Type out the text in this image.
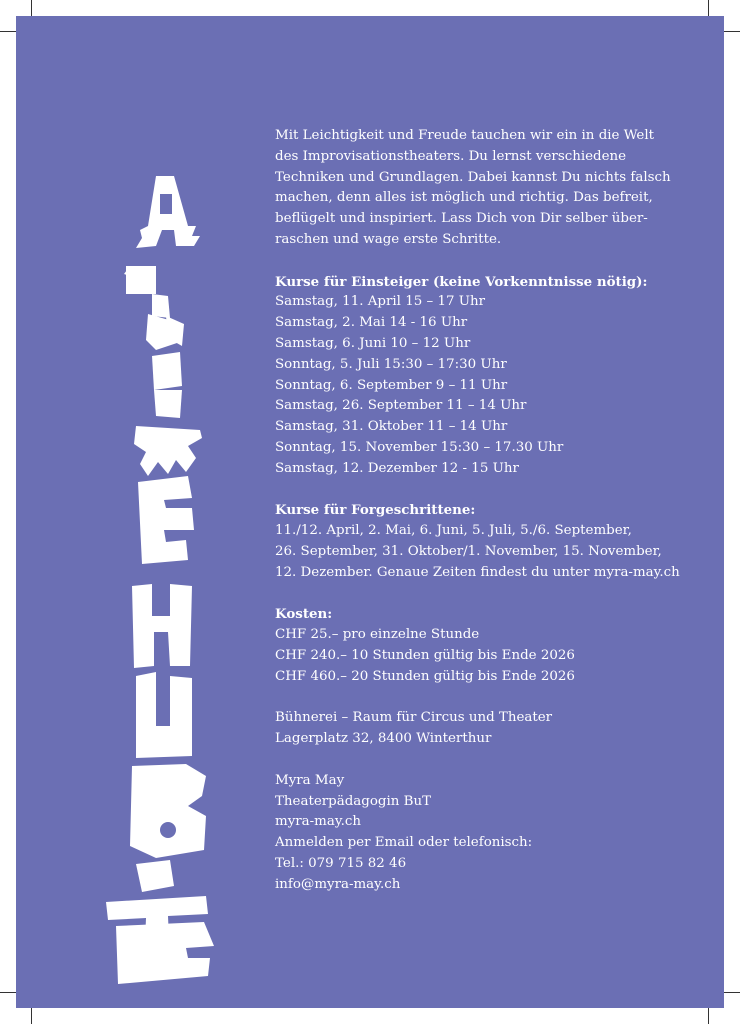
Mit Leichtigkeit und Freude tauchen wir ein in die Welt
des Improvisationstheaters. Du lernst verschiedene
Techniken und Grundlagen. Dabei kannst Du nichts falsch
machen, denn alles ist möglich und richtig. Das befreit,
beflügelt und inspiriert. Lass Dich von Dir selber über-
raschen und wage erste Schritte.
Kurse für Einsteiger (keine Vorkenntnisse nötig):
Samstag, 11. April 15 – 17 Uhr
Samstag, 2. Mai 14 - 16 Uhr
Samstag, 6. Juni 10 – 12 Uhr
Sonntag, 5. Juli 15:30 – 17:30 Uhr
Sonntag, 6. September 9 – 11 Uhr
Samstag, 26. September 11 – 14 Uhr
Samstag, 31. Oktober 11 – 14 Uhr
Sonntag, 15. November 15:30 – 17.30 Uhr
Samstag, 12. Dezember 12 - 15 Uhr
Kurse für Forgeschrittene:
11./12. April, 2. Mai, 6. Juni, 5. Juli, 5./6. September,
26. September, 31. Oktober/1. November, 15. November,
12. Dezember. Genaue Zeiten findest du unter myra-may.ch
Kosten:
CHF 25.– pro einzelne Stunde
CHF 240.– 10 Stunden gültig bis Ende 2026
CHF 460.– 20 Stunden gültig bis Ende 2026
Bühnerei – Raum für Circus und Theater
Lagerplatz 32, 8400 Winterthur
Myra May
Theaterpädagogin BuT
myra-may.ch
Anmelden per Email oder telefonisch:
Tel.: 079 715 82 46
info@myra-may.ch
